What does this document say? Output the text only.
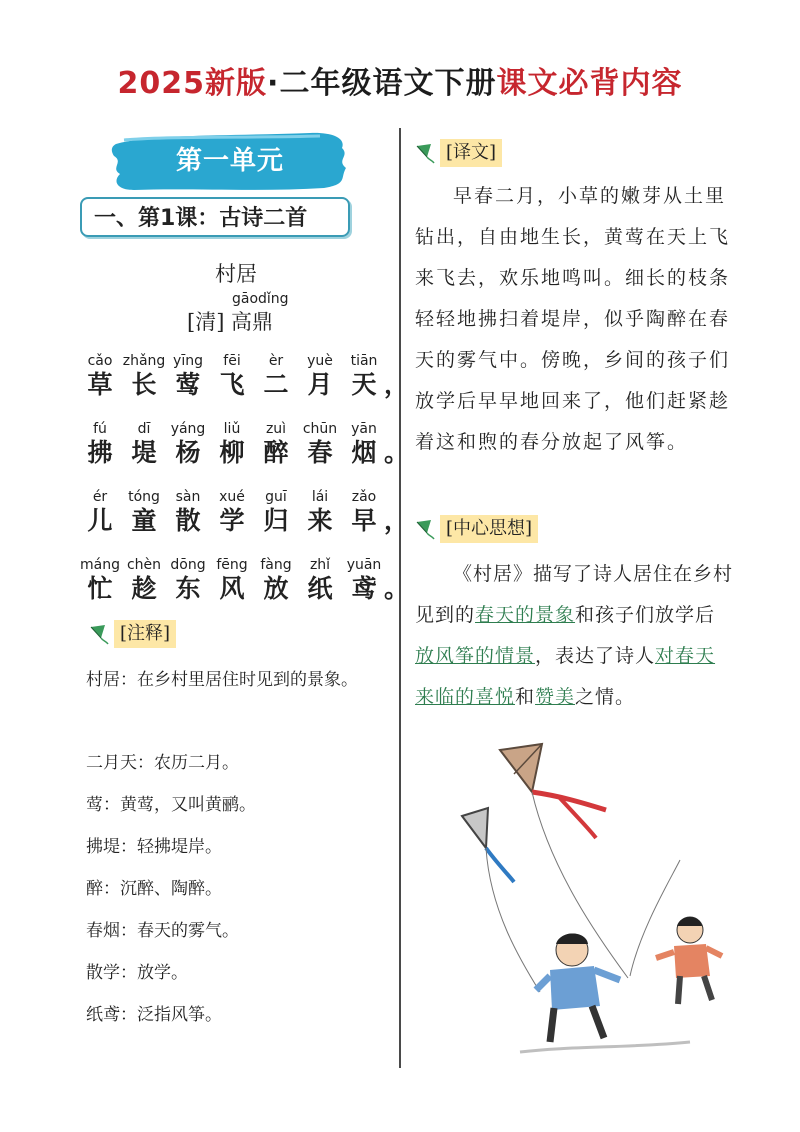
2025新版·二年级语文下册课文必背内容
第一单元
一、第1课：古诗二首
村居
gāodǐng
[清] 高鼎
cǎo
草
zhǎng
长
yīng
莺
fēi
飞
èr
二
yuè
月
tiān
天 ，
fú
拂
dī
堤
yáng
杨
liǔ
柳
zuì
醉
chūn
春
yān
烟 。
ér
儿
tóng
童
sàn
散
xué
学
guī
归
lái
来
zǎo
早 ，
máng
忙
chèn
趁
dōng
东
fēng
风
fàng
放
zhǐ
纸
yuān
鸢 。
[注释]
村居：在乡村里居住时见到的景象。
二月天：农历二月。
莺：黄莺，又叫黄鹂。
拂堤：轻拂堤岸。
醉：沉醉、陶醉。
春烟：春天的雾气。
散学：放学。
纸鸢：泛指风筝。
[译文]

早春二月，小草的嫩芽从土里钻出，自由地生长，黄莺在天上飞来飞去，欢乐地鸣叫。细长的枝条轻轻地拂扫着堤岸，似乎陶醉在春天的雾气中。傍晚，乡间的孩子们放学后早早地回来了，他们赶紧趁着这和煦的春分放起了风筝。

[中心思想]

《村居》描写了诗人居住在乡村见到的春天的景象和孩子们放学后放风筝的情景，表达了诗人对春天来临的喜悦和赞美之情。
